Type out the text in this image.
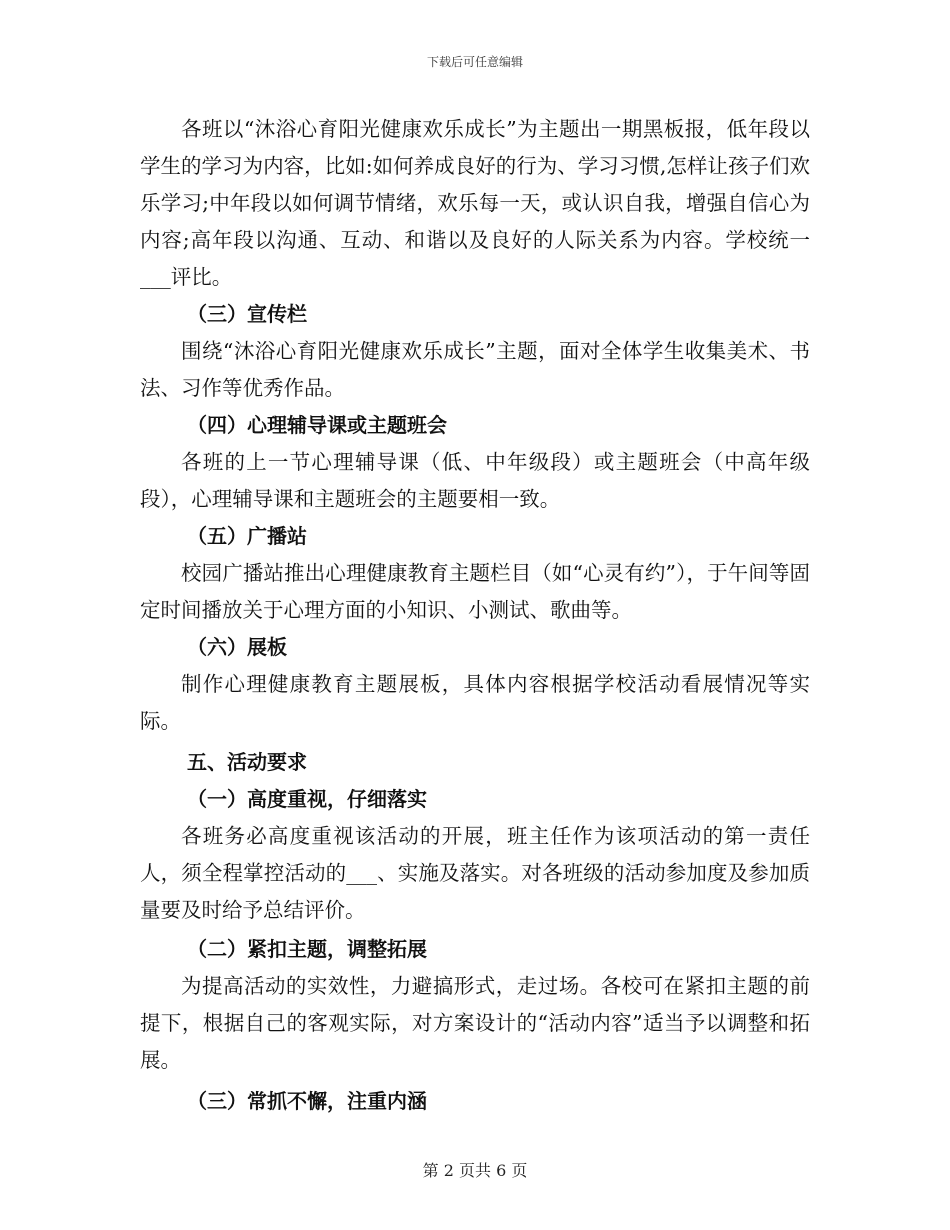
下载后可任意编辑

各班以“沐浴心育阳光健康欢乐成长”为主题出一期黑板报，低年段以学生的学习为内容，比如:如何养成良好的行为、学习习惯,怎样让孩子们欢乐学习;中年段以如何调节情绪，欢乐每一天，或认识自我，增强自信心为内容;高年段以沟通、互动、和谐以及良好的人际关系为内容。学校统一___评比。

（三）宣传栏

围绕“沐浴心育阳光健康欢乐成长”主题，面对全体学生收集美术、书法、习作等优秀作品。

（四）心理辅导课或主题班会

各班的上一节心理辅导课（低、中年级段）或主题班会（中高年级段），心理辅导课和主题班会的主题要相一致。

（五）广播站

校园广播站推出心理健康教育主题栏目（如“心灵有约”），于午间等固定时间播放关于心理方面的小知识、小测试、歌曲等。

（六）展板

制作心理健康教育主题展板，具体内容根据学校活动看展情况等实际。

五、活动要求

（一）高度重视，仔细落实

各班务必高度重视该活动的开展，班主任作为该项活动的第一责任人，须全程掌控活动的___、实施及落实。对各班级的活动参加度及参加质量要及时给予总结评价。

（二）紧扣主题，调整拓展

为提高活动的实效性，力避搞形式，走过场。各校可在紧扣主题的前提下，根据自己的客观实际，对方案设计的“活动内容”适当予以调整和拓展。

（三）常抓不懈，注重内涵

第 2 页共 6 页
